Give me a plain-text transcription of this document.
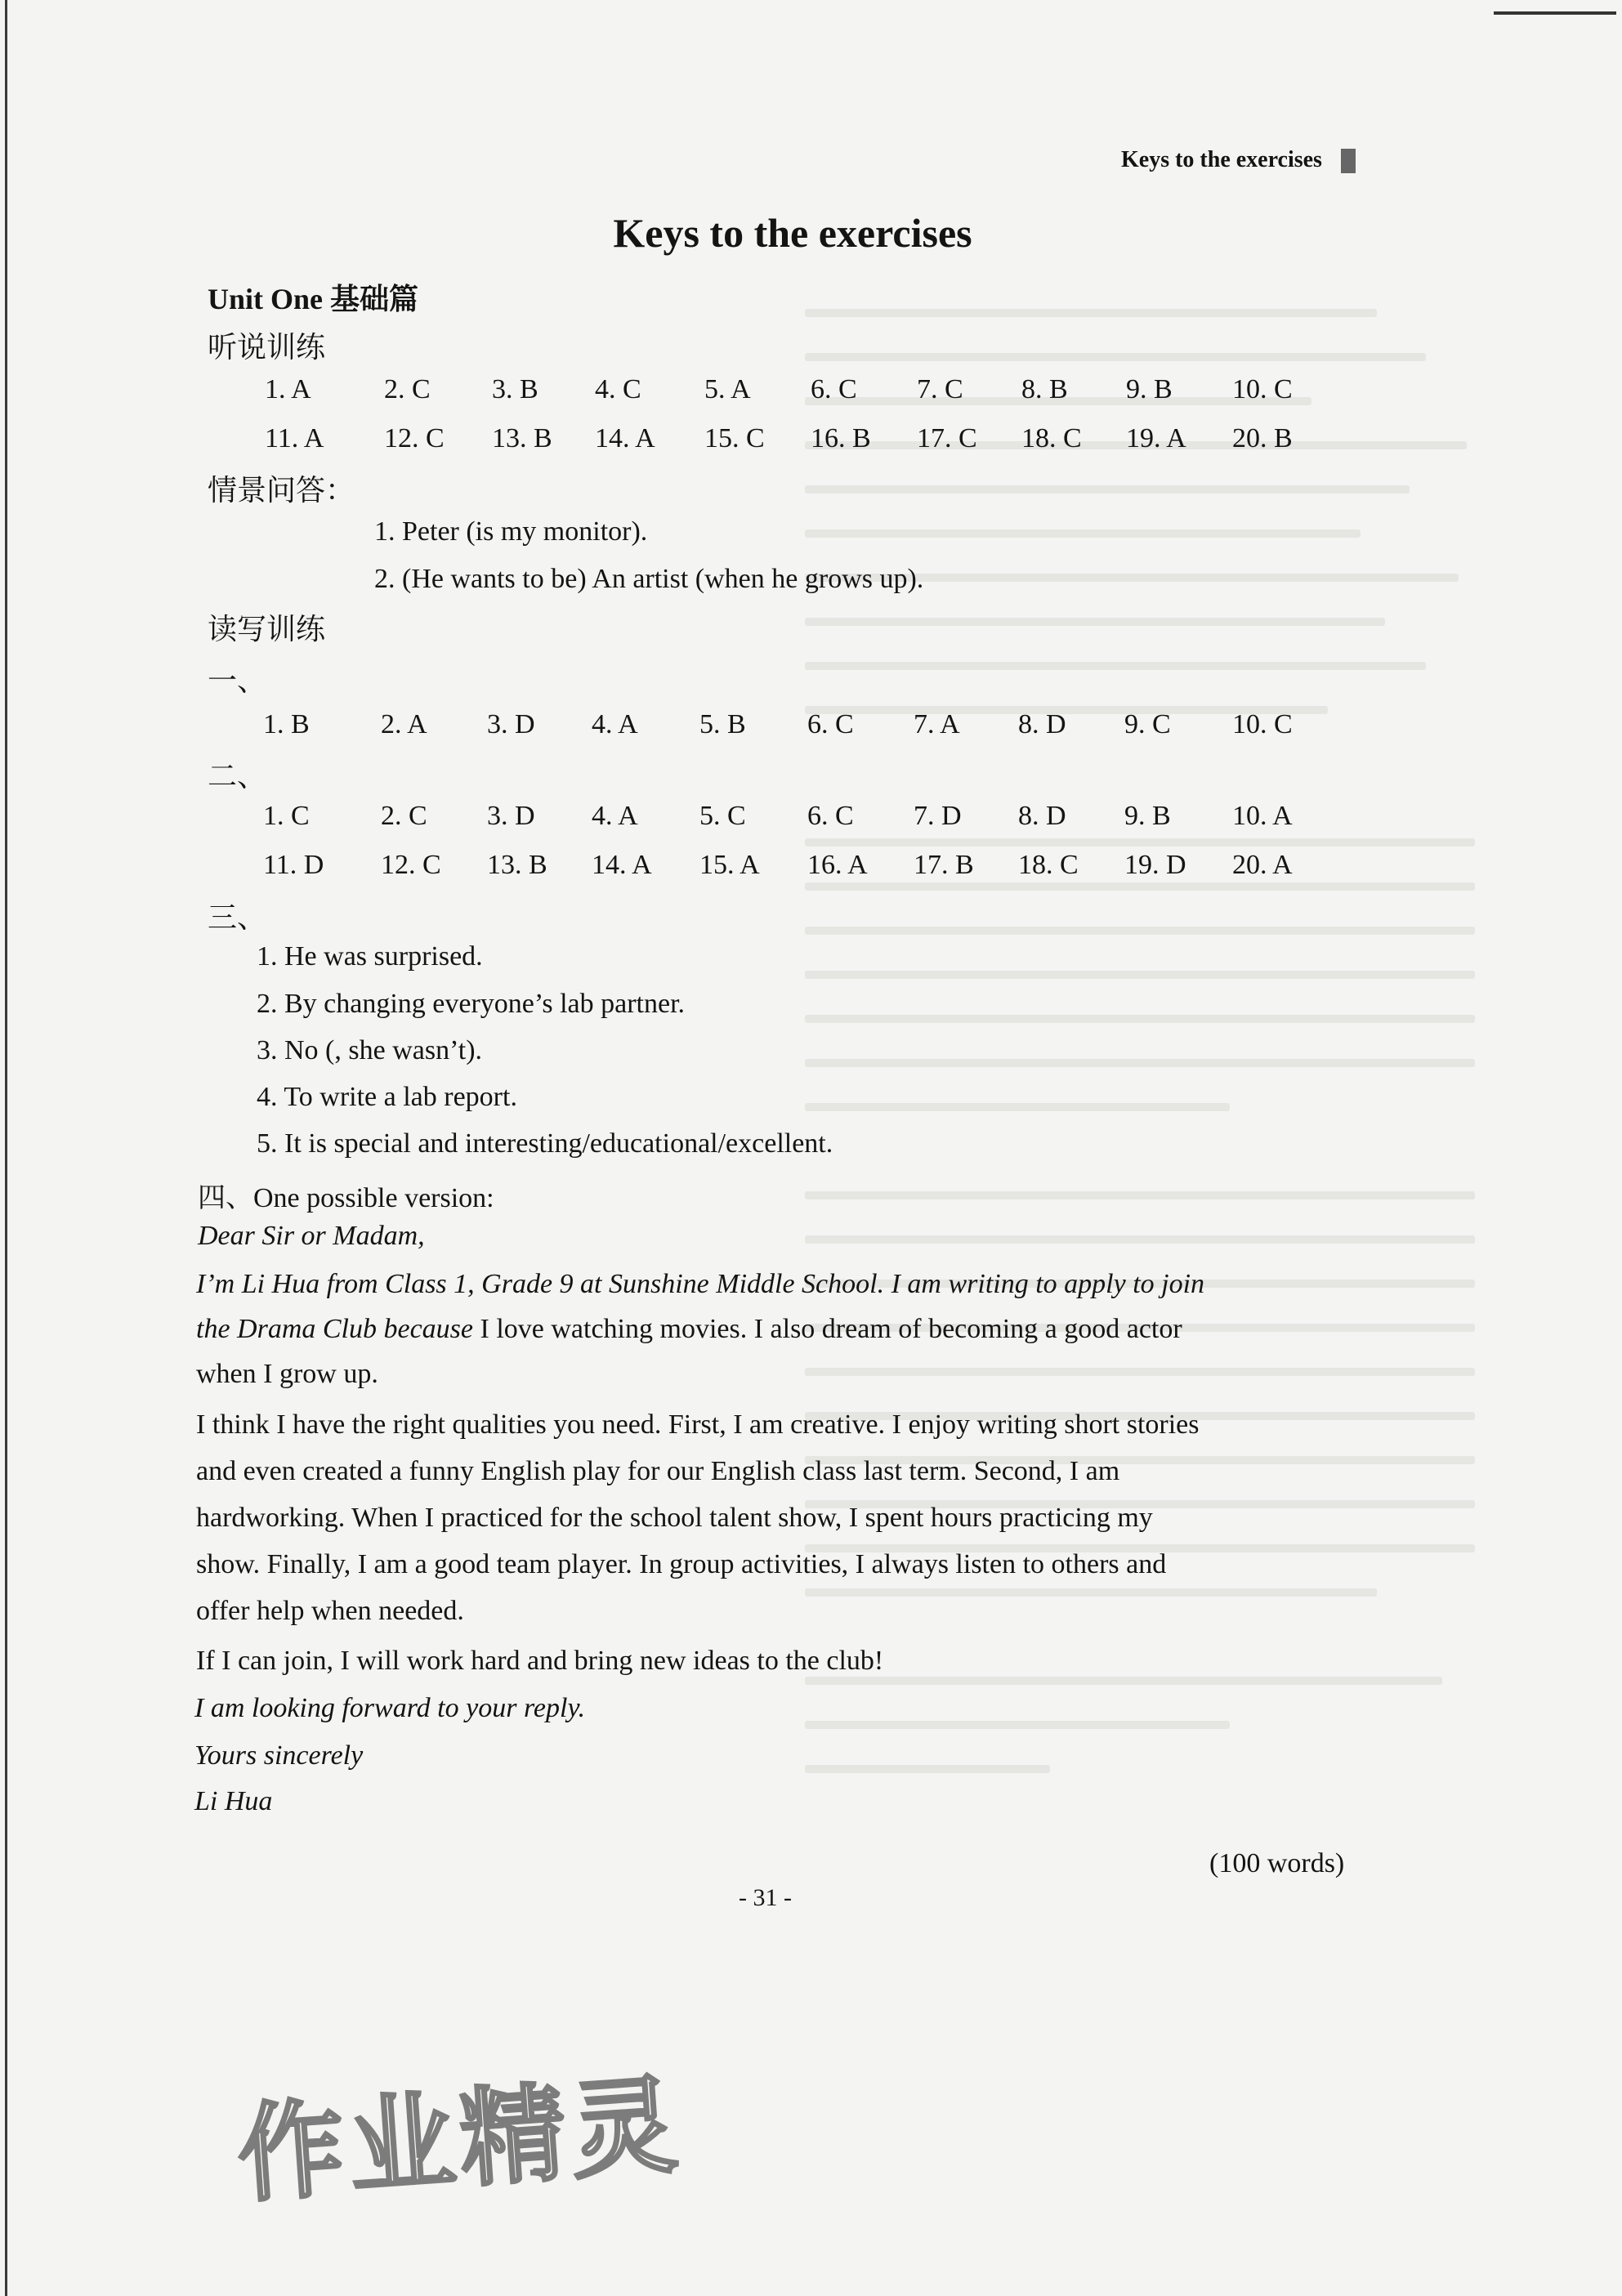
Keys to the exercises
Keys to the exercises
Unit One 基础篇
听说训练
1. A	2. C 3. B 4. C 5. A 6. C 7. C 8. B 9. B 10. C
11. A 12. C 13. B 14. A 15. C 16. B 17. C 18. C 19. A 20. B
情景问答：
1. Peter (is my monitor).
2. (He wants to be) An artist (when he grows up).
读写训练
一、
1. B	2. A 3. D 4. A 5. B 6. C 7. A 8. D 9. C 10. C
二、
1. C	2. C 3. D 4. A 5. C 6. C 7. D 8. D 9. B 10. A
11. D 12. C 13. B 14. A 15. A 16. A 17. B 18. C 19. D 20. A
三、
1. He was surprised.
2. By changing everyone’s lab partner.
3. No (, she wasn’t).
4. To write a lab report.
5. It is special and interesting/educational/excellent.
四、One possible version:
Dear Sir or Madam,
I’m Li Hua from Class 1, Grade 9 at Sunshine Middle School. I am writing to apply to join
the Drama Club because I love watching movies. I also dream of becoming a good actor
when I grow up.
I think I have the right qualities you need. First, I am creative. I enjoy writing short stories
and even created a funny English play for our English class last term. Second, I am
hardworking. When I practiced for the school talent show, I spent hours practicing my
show. Finally, I am a good team player. In group activities, I always listen to others and
offer help when needed.
If I can join, I will work hard and bring new ideas to the club!
I am looking forward to your reply.
Yours sincerely
Li Hua
(100 words)
- 31 -
作业精灵
